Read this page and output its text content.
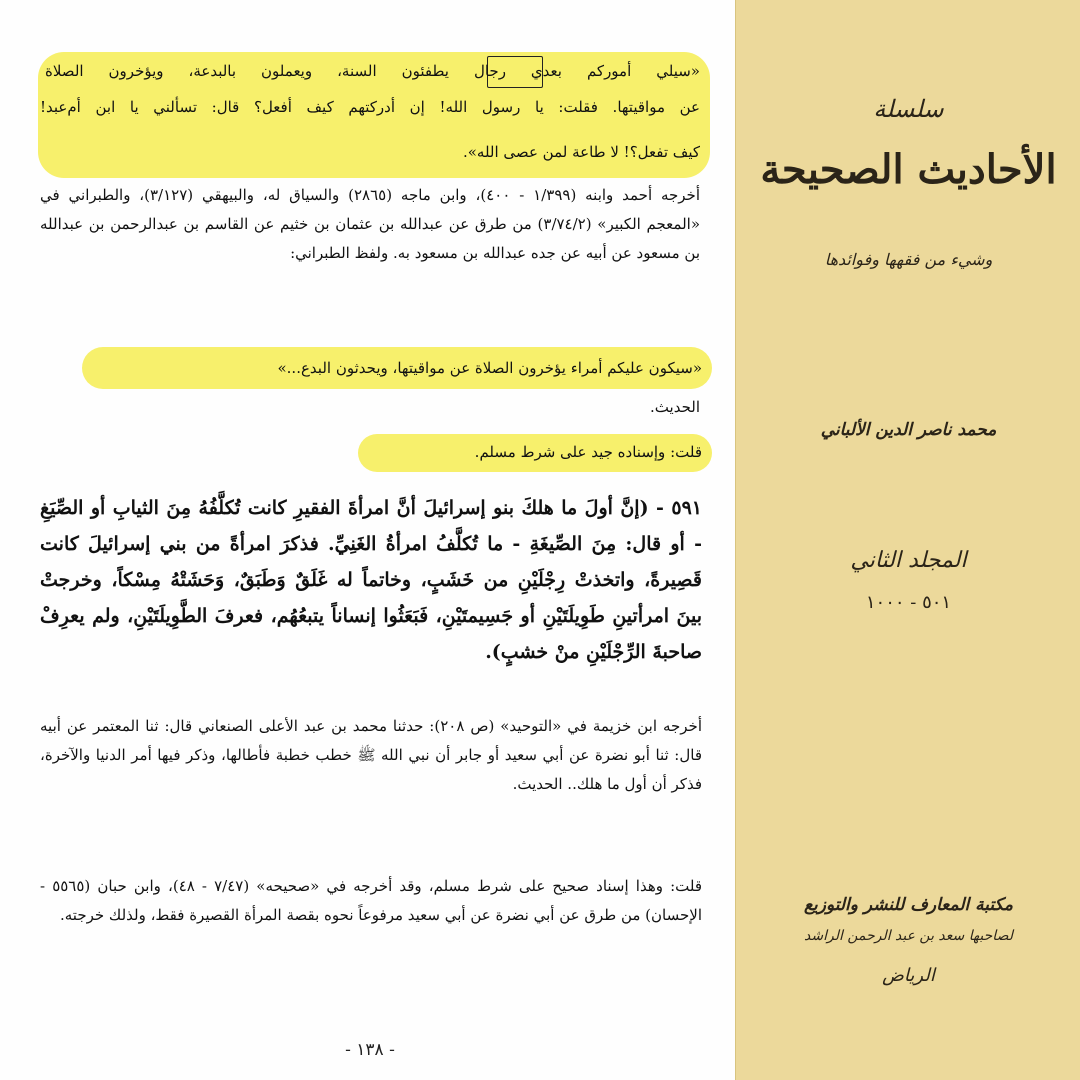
«سيلي أموركم بعدي رجال يطفئون السنة، ويعملون بالبدعة، ويؤخرون الصلاة
عن مواقيتها. فقلت: يا رسول الله! إن أدركتهم كيف أفعل؟ قال: تسألني يا ابن أم‌عبد!
كيف تفعل؟! لا طاعة لمن عصى الله».
أخرجه أحمد وابنه (١/٣٩٩ - ٤٠٠)، وابن ماجه (٢٨٦٥) والسياق له، والبيهقي (٣/١٢٧)، والطبراني في «المعجم الكبير» (٣/٧٤/٢) من طرق عن عبدالله بن عثمان بن خثيم عن القاسم بن عبدالرحمن بن عبدالله بن مسعود عن أبيه عن جده عبدالله بن مسعود به. ولفظ الطبراني:
«سيكون عليكم أمراء يؤخرون الصلاة عن مواقيتها، ويحدثون البدع...»
الحديث.
قلت: وإسناده جيد على شرط مسلم.
٥٩١ - (إنَّ أولَ ما هلكَ بنو إسرائيلَ أنَّ امرأةَ الفقيرِ كانت تُكلَّفُهُ مِنَ الثيابِ أو الصِّيَغِ - أو قال: مِنَ الصِّيغَةِ - ما تُكلَّفُ امرأةُ الغَنِيِّ. فذكرَ امرأةً من بني إسرائيلَ كانت قَصِيرةً، واتخذتْ رِجْلَيْنِ من خَشَبٍ، وخاتماً له غَلَقٌ وَطَبَقٌ، وَحَشَتْهُ مِسْكاً، وخرجتْ بينَ امرأتينِ طَوِيلَتَيْنِ أو جَسِيمتَيْنِ، فَبَعَثُوا إنساناً يتبعُهُم، فعرفَ الطَّوِيلَتَيْنِ، ولم يعرِفْ صاحبةَ الرِّجْلَيْنِ منْ خشبٍ).
أخرجه ابن خزيمة في «التوحيد» (ص ٢٠٨): حدثنا محمد بن عبد الأعلى الصنعاني قال: ثنا المعتمر عن أبيه قال: ثنا أبو نضرة عن أبي سعيد أو جابر أن نبي الله ﷺ خطب خطبة فأطالها، وذكر فيها أمر الدنيا والآخرة، فذكر أن أول ما هلك.. الحديث.
قلت: وهذا إسناد صحيح على شرط مسلم، وقد أخرجه في «صحيحه» (٧/٤٧ - ٤٨)، وابن حبان (٥٥٦٥ - الإحسان) من طرق عن أبي نضرة عن أبي سعيد مرفوعاً نحوه بقصة المرأة القصيرة فقط، ولذلك خرجته.
- ١٣٨ -
سلسلة
الأحاديث الصحيحة
وشيء من فقهها وفوائدها
محمد ناصر الدين الألباني
المجلد الثاني
٥٠١ - ١٠٠٠
مكتبة المعارف للنشر والتوزيع
لصاحبها سعد بن عبد الرحمن الراشد
الرياض
